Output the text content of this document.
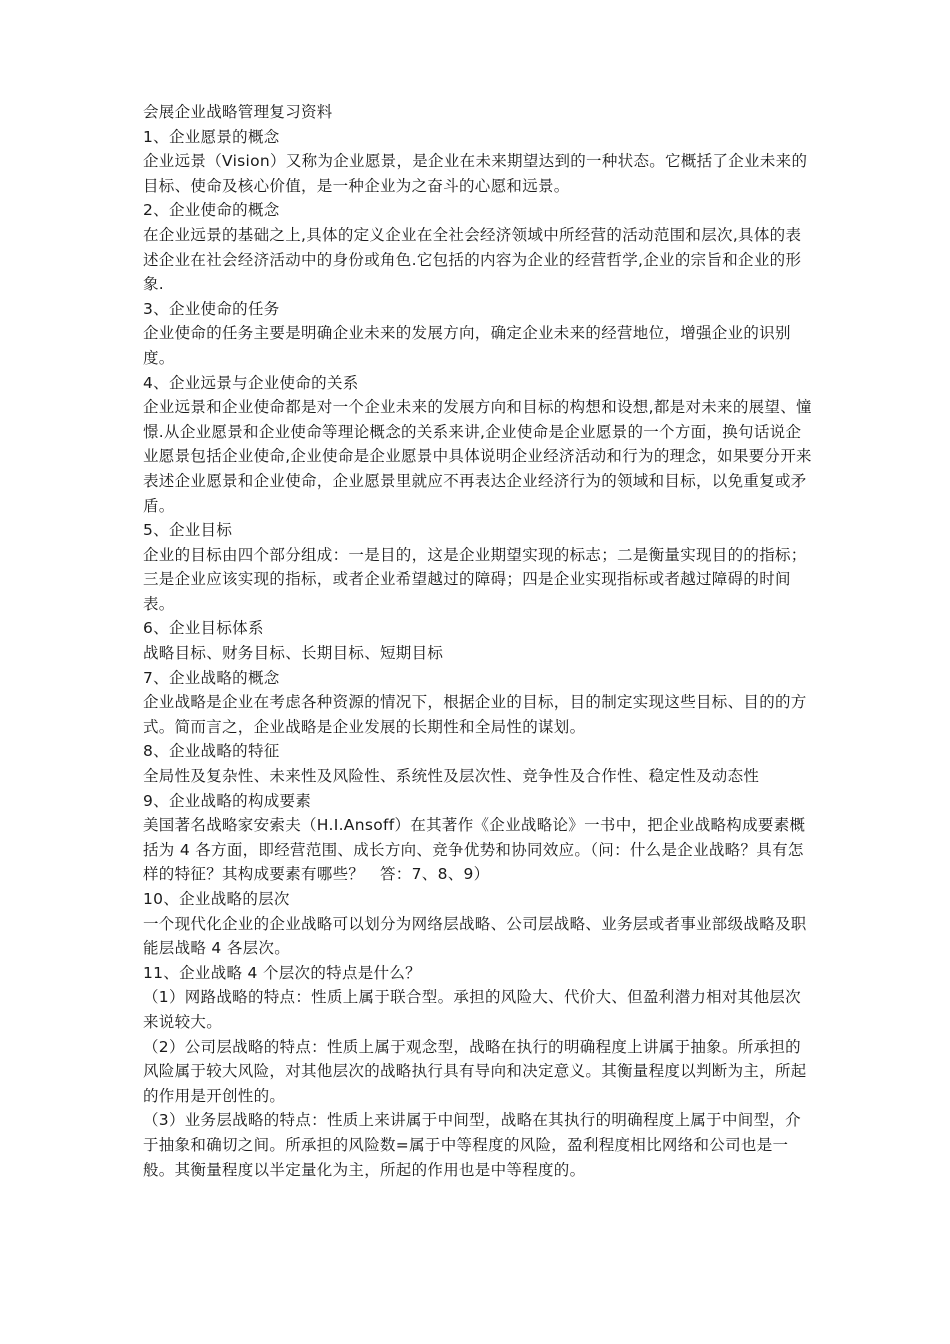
会展企业战略管理复习资料

1、企业愿景的概念

企业远景（Vision）又称为企业愿景，是企业在未来期望达到的一种状态。它概括了企业未来的目标、使命及核心价值，是一种企业为之奋斗的心愿和远景。

2、企业使命的概念

在企业远景的基础之上,具体的定义企业在全社会经济领域中所经营的活动范围和层次,具体的表述企业在社会经济活动中的身份或角色.它包括的内容为企业的经营哲学,企业的宗旨和企业的形象.

3、企业使命的任务

企业使命的任务主要是明确企业未来的发展方向，确定企业未来的经营地位，增强企业的识别度。

4、企业远景与企业使命的关系

企业远景和企业使命都是对一个企业未来的发展方向和目标的构想和设想,都是对未来的展望、憧憬.从企业愿景和企业使命等理论概念的关系来讲,企业使命是企业愿景的一个方面，换句话说企业愿景包括企业使命,企业使命是企业愿景中具体说明企业经济活动和行为的理念，如果要分开来表述企业愿景和企业使命，企业愿景里就应不再表达企业经济行为的领域和目标，以免重复或矛盾。

5、企业目标

企业的目标由四个部分组成：一是目的，这是企业期望实现的标志；二是衡量实现目的的指标；三是企业应该实现的指标，或者企业希望越过的障碍；四是企业实现指标或者越过障碍的时间表。

6、企业目标体系

战略目标、财务目标、长期目标、短期目标

7、企业战略的概念

企业战略是企业在考虑各种资源的情况下，根据企业的目标，目的制定实现这些目标、目的的方式。简而言之，企业战略是企业发展的长期性和全局性的谋划。

8、企业战略的特征

全局性及复杂性、未来性及风险性、系统性及层次性、竞争性及合作性、稳定性及动态性

9、企业战略的构成要素

美国著名战略家安索夫（H.I.Ansoff）在其著作《企业战略论》一书中，把企业战略构成要素概括为 4 各方面，即经营范围、成长方向、竞争优势和协同效应。（问：什么是企业战略？具有怎样的特征？其构成要素有哪些？　答：7、8、9）

10、企业战略的层次

一个现代化企业的企业战略可以划分为网络层战略、公司层战略、业务层或者事业部级战略及职能层战略 4 各层次。

11、企业战略 4 个层次的特点是什么？

（1）网路战略的特点：性质上属于联合型。承担的风险大、代价大、但盈利潜力相对其他层次来说较大。

（2）公司层战略的特点：性质上属于观念型，战略在执行的明确程度上讲属于抽象。所承担的风险属于较大风险，对其他层次的战略执行具有导向和决定意义。其衡量程度以判断为主，所起的作用是开创性的。

（3）业务层战略的特点：性质上来讲属于中间型，战略在其执行的明确程度上属于中间型，介于抽象和确切之间。所承担的风险数=属于中等程度的风险，盈利程度相比网络和公司也是一般。其衡量程度以半定量化为主，所起的作用也是中等程度的。
